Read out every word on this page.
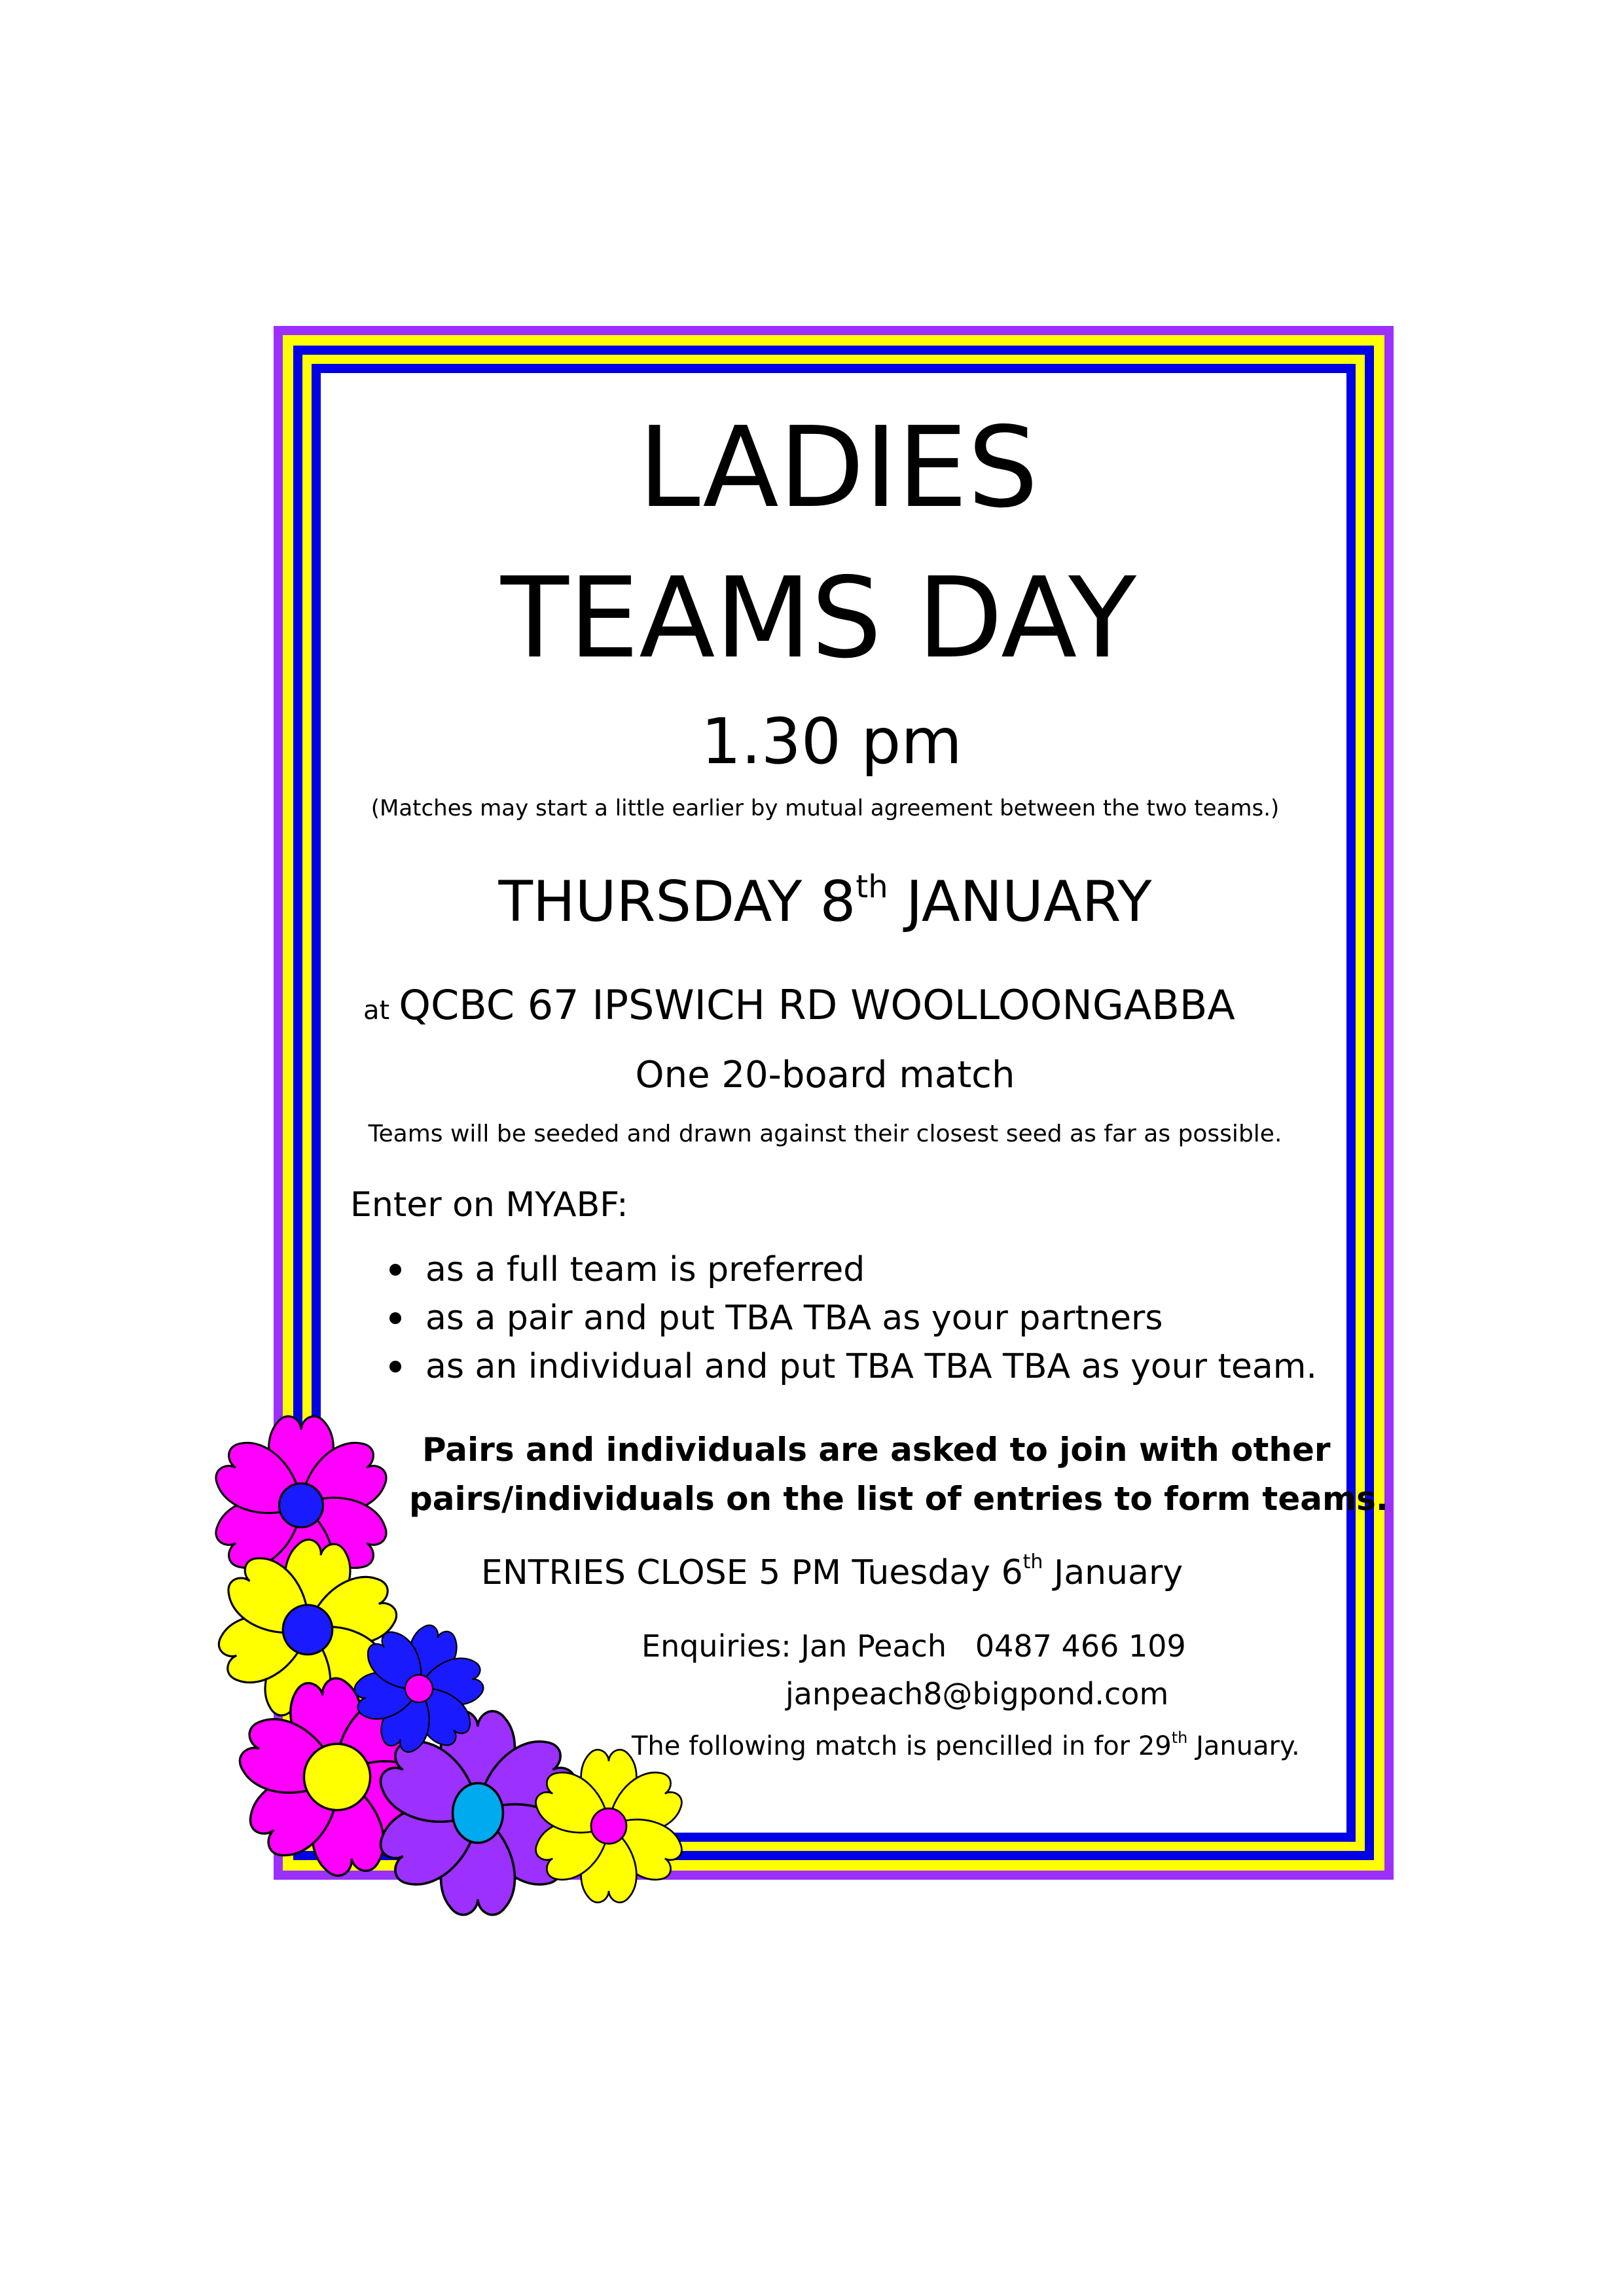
LADIES
TEAMS DAY
1.30 pm
(Matches may start a little earlier by mutual agreement between the two teams.)
THURSDAY 8th JANUARY
at QCBC 67 IPSWICH RD WOOLLOONGABBA
One 20-board match
Teams will be seeded and drawn against their closest seed as far as possible.
Enter on MYABF:
as a full team is preferred
as a pair and put TBA TBA as your partners
as an individual and put TBA TBA TBA as your team.
Pairs and individuals are asked to join with other
pairs/individuals on the list of entries to form teams.
ENTRIES CLOSE 5 PM Tuesday 6th January
Enquiries: Jan Peach   0487 466 109
janpeach8@bigpond.com
The following match is pencilled in for 29th January.
